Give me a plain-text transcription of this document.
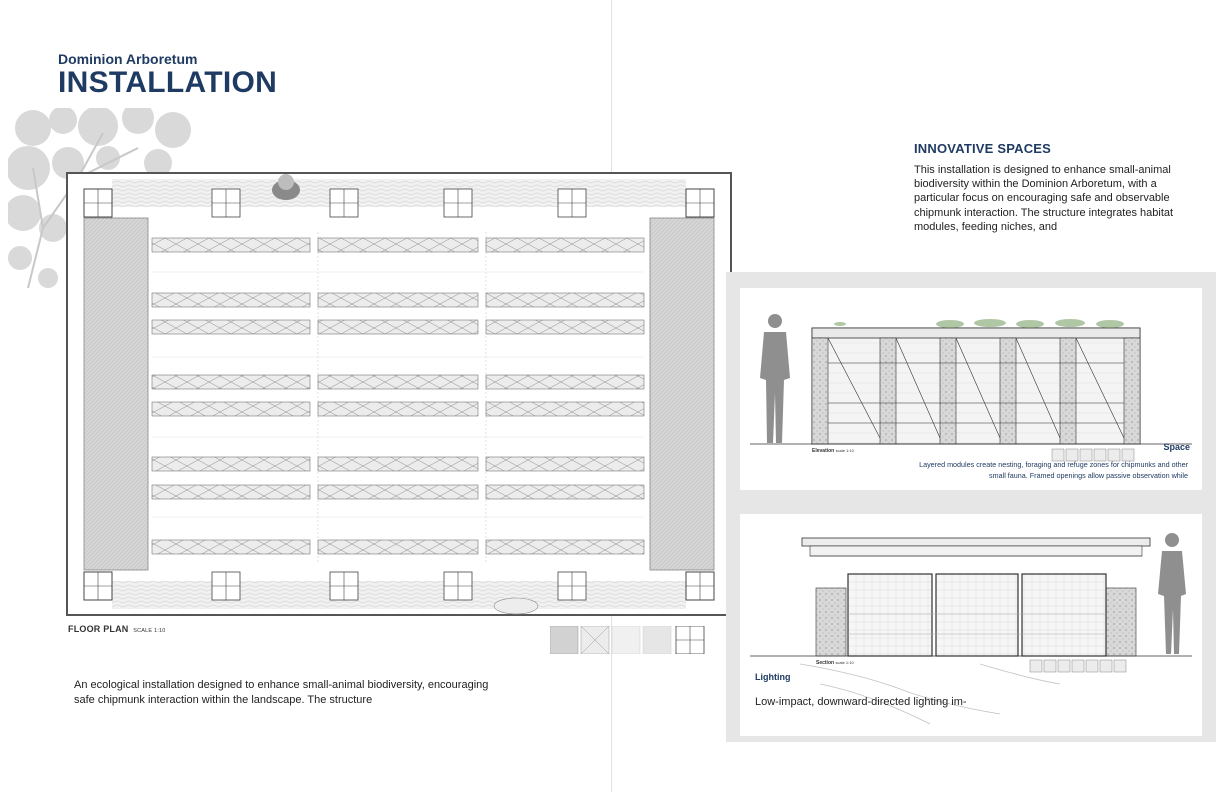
Dominion Arboretum
INSTALLATION
FLOOR PLAN SCALE 1:10
An ecological installation designed to enhance small-animal biodiversity, encouraging safe chipmunk interaction within the landscape. The structure
INNOVATIVE SPACES
This installation is designed to enhance small-animal biodiversity within the Dominion Arboretum, with a particular focus on encouraging safe and observable chipmunk interaction. The structure integrates habitat modules, feeding niches, and
Elevation scale 1:10	Space
Layered modules create nesting, foraging and refuge zones for chipmunks and other small fauna. Framed openings allow passive observation while
Section scale 1:10
Lighting
Low-impact, downward-directed lighting im-
